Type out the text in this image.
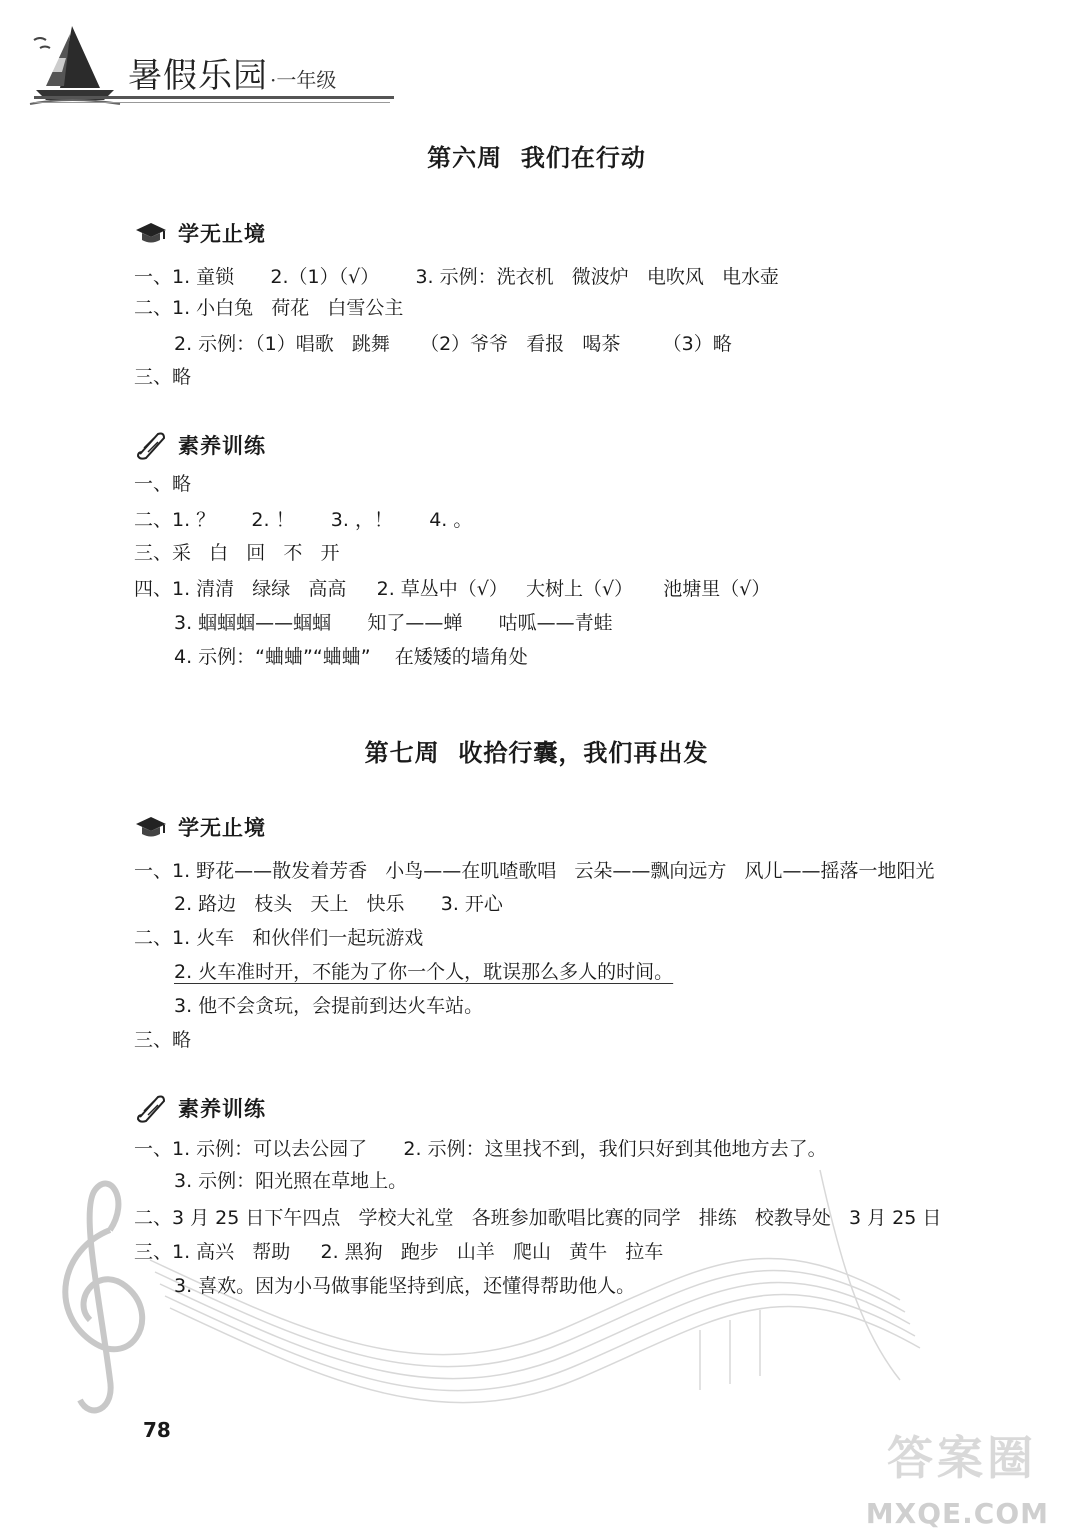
暑假乐园 ·一年级
第六周  我们在行动
学无止境
一、1. 童锁      2.（1）（√）      3. 示例：洗衣机   微波炉   电吹风   电水壶
二、1. 小白兔   荷花   白雪公主
2. 示例：（1）唱歌   跳舞     （2）爷爷   看报   喝茶       （3）略
三、略
素养训练
一、略
二、1. ？      2. ！      3. ，！      4. 。
三、采   白   回   不   开
四、1. 清清   绿绿   高高     2. 草丛中（√）   大树上（√）     池塘里（√）
3. 蝈蝈蝈——蝈蝈      知了——蝉      咕呱——青蛙
4. 示例：“蛐蛐”“蛐蛐”    在矮矮的墙角处
第七周  收拾行囊，我们再出发
学无止境
一、1. 野花——散发着芳香   小鸟——在叽喳歌唱   云朵——飘向远方   风儿——摇落一地阳光
2. 路边   枝头   天上   快乐      3. 开心
二、1. 火车   和伙伴们一起玩游戏
2. 火车准时开，不能为了你一个人，耽误那么多人的时间。
3. 他不会贪玩，会提前到达火车站。
三、略
素养训练
一、1. 示例：可以去公园了      2. 示例：这里找不到，我们只好到其他地方去了。
3. 示例：阳光照在草地上。
二、3 月 25 日下午四点   学校大礼堂   各班参加歌唱比赛的同学   排练   校教导处   3 月 25 日
三、1. 高兴   帮助     2. 黑狗   跑步   山羊   爬山   黄牛   拉车
3. 喜欢。因为小马做事能坚持到底，还懂得帮助他人。
78
答案圈
MXQE.COM
